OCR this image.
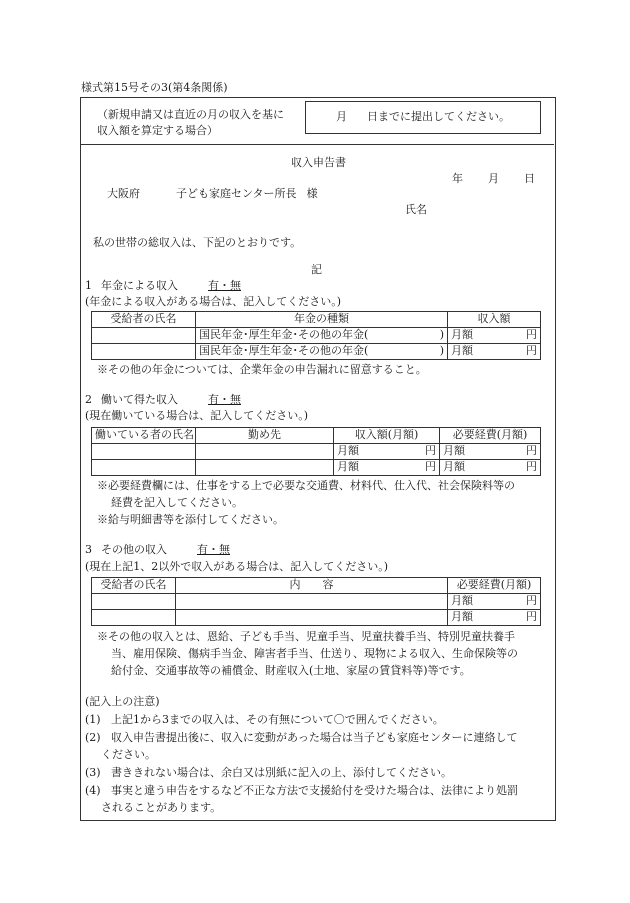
様式第15号その3(第4条関係)
（新規申請又は直近の月の収入を基に
収入額を算定する場合）
月 日までに提出してください。
収入申告書
年 月 日
大阪府	子ども家庭センター所長 様
氏名
私の世帯の総収入は、下記のとおりです。
記
1 年金による収入	有・無
(年金による収入がある場合は、記入してください。)
受給者の氏名	年金の種類	収入額

	国民年金･厚生年金･その他の年金( )	月額 円

	国民年金･厚生年金･その他の年金( )	月額 円
※その他の年金については、企業年金の申告漏れに留意すること。
2 働いて得た収入	有・無
(現在働いている場合は、記入してください。)
働いている者の氏名	勤め先	収入額(月額)	必要経費(月額)

		月額 円	月額 円

		月額 円	月額 円
※必要経費欄には、仕事をする上で必要な交通費、材料代、仕入代、社会保険料等の
経費を記入してください。
※給与明細書等を添付してください。
3 その他の収入	有・無
(現在上記1、2以外で収入がある場合は、記入してください。)
受給者の氏名	内　　容	必要経費(月額)

		月額 円

		月額 円
※その他の収入とは、恩給、子ども手当、児童手当、児童扶養手当、特別児童扶養手
当、雇用保険、傷病手当金、障害者手当、仕送り、現物による収入、生命保険等の
給付金、交通事故等の補償金、財産収入(土地、家屋の賃貸料等)等です。
(記入上の注意)
(1) 上記1から3までの収入は、その有無について〇で囲んでください。
(2) 収入申告書提出後に、収入に変動があった場合は当子ども家庭センターに連絡して
ください。
(3) 書ききれない場合は、余白又は別紙に記入の上、添付してください。
(4) 事実と違う申告をするなど不正な方法で支援給付を受けた場合は、法律により処罰
されることがあります。
